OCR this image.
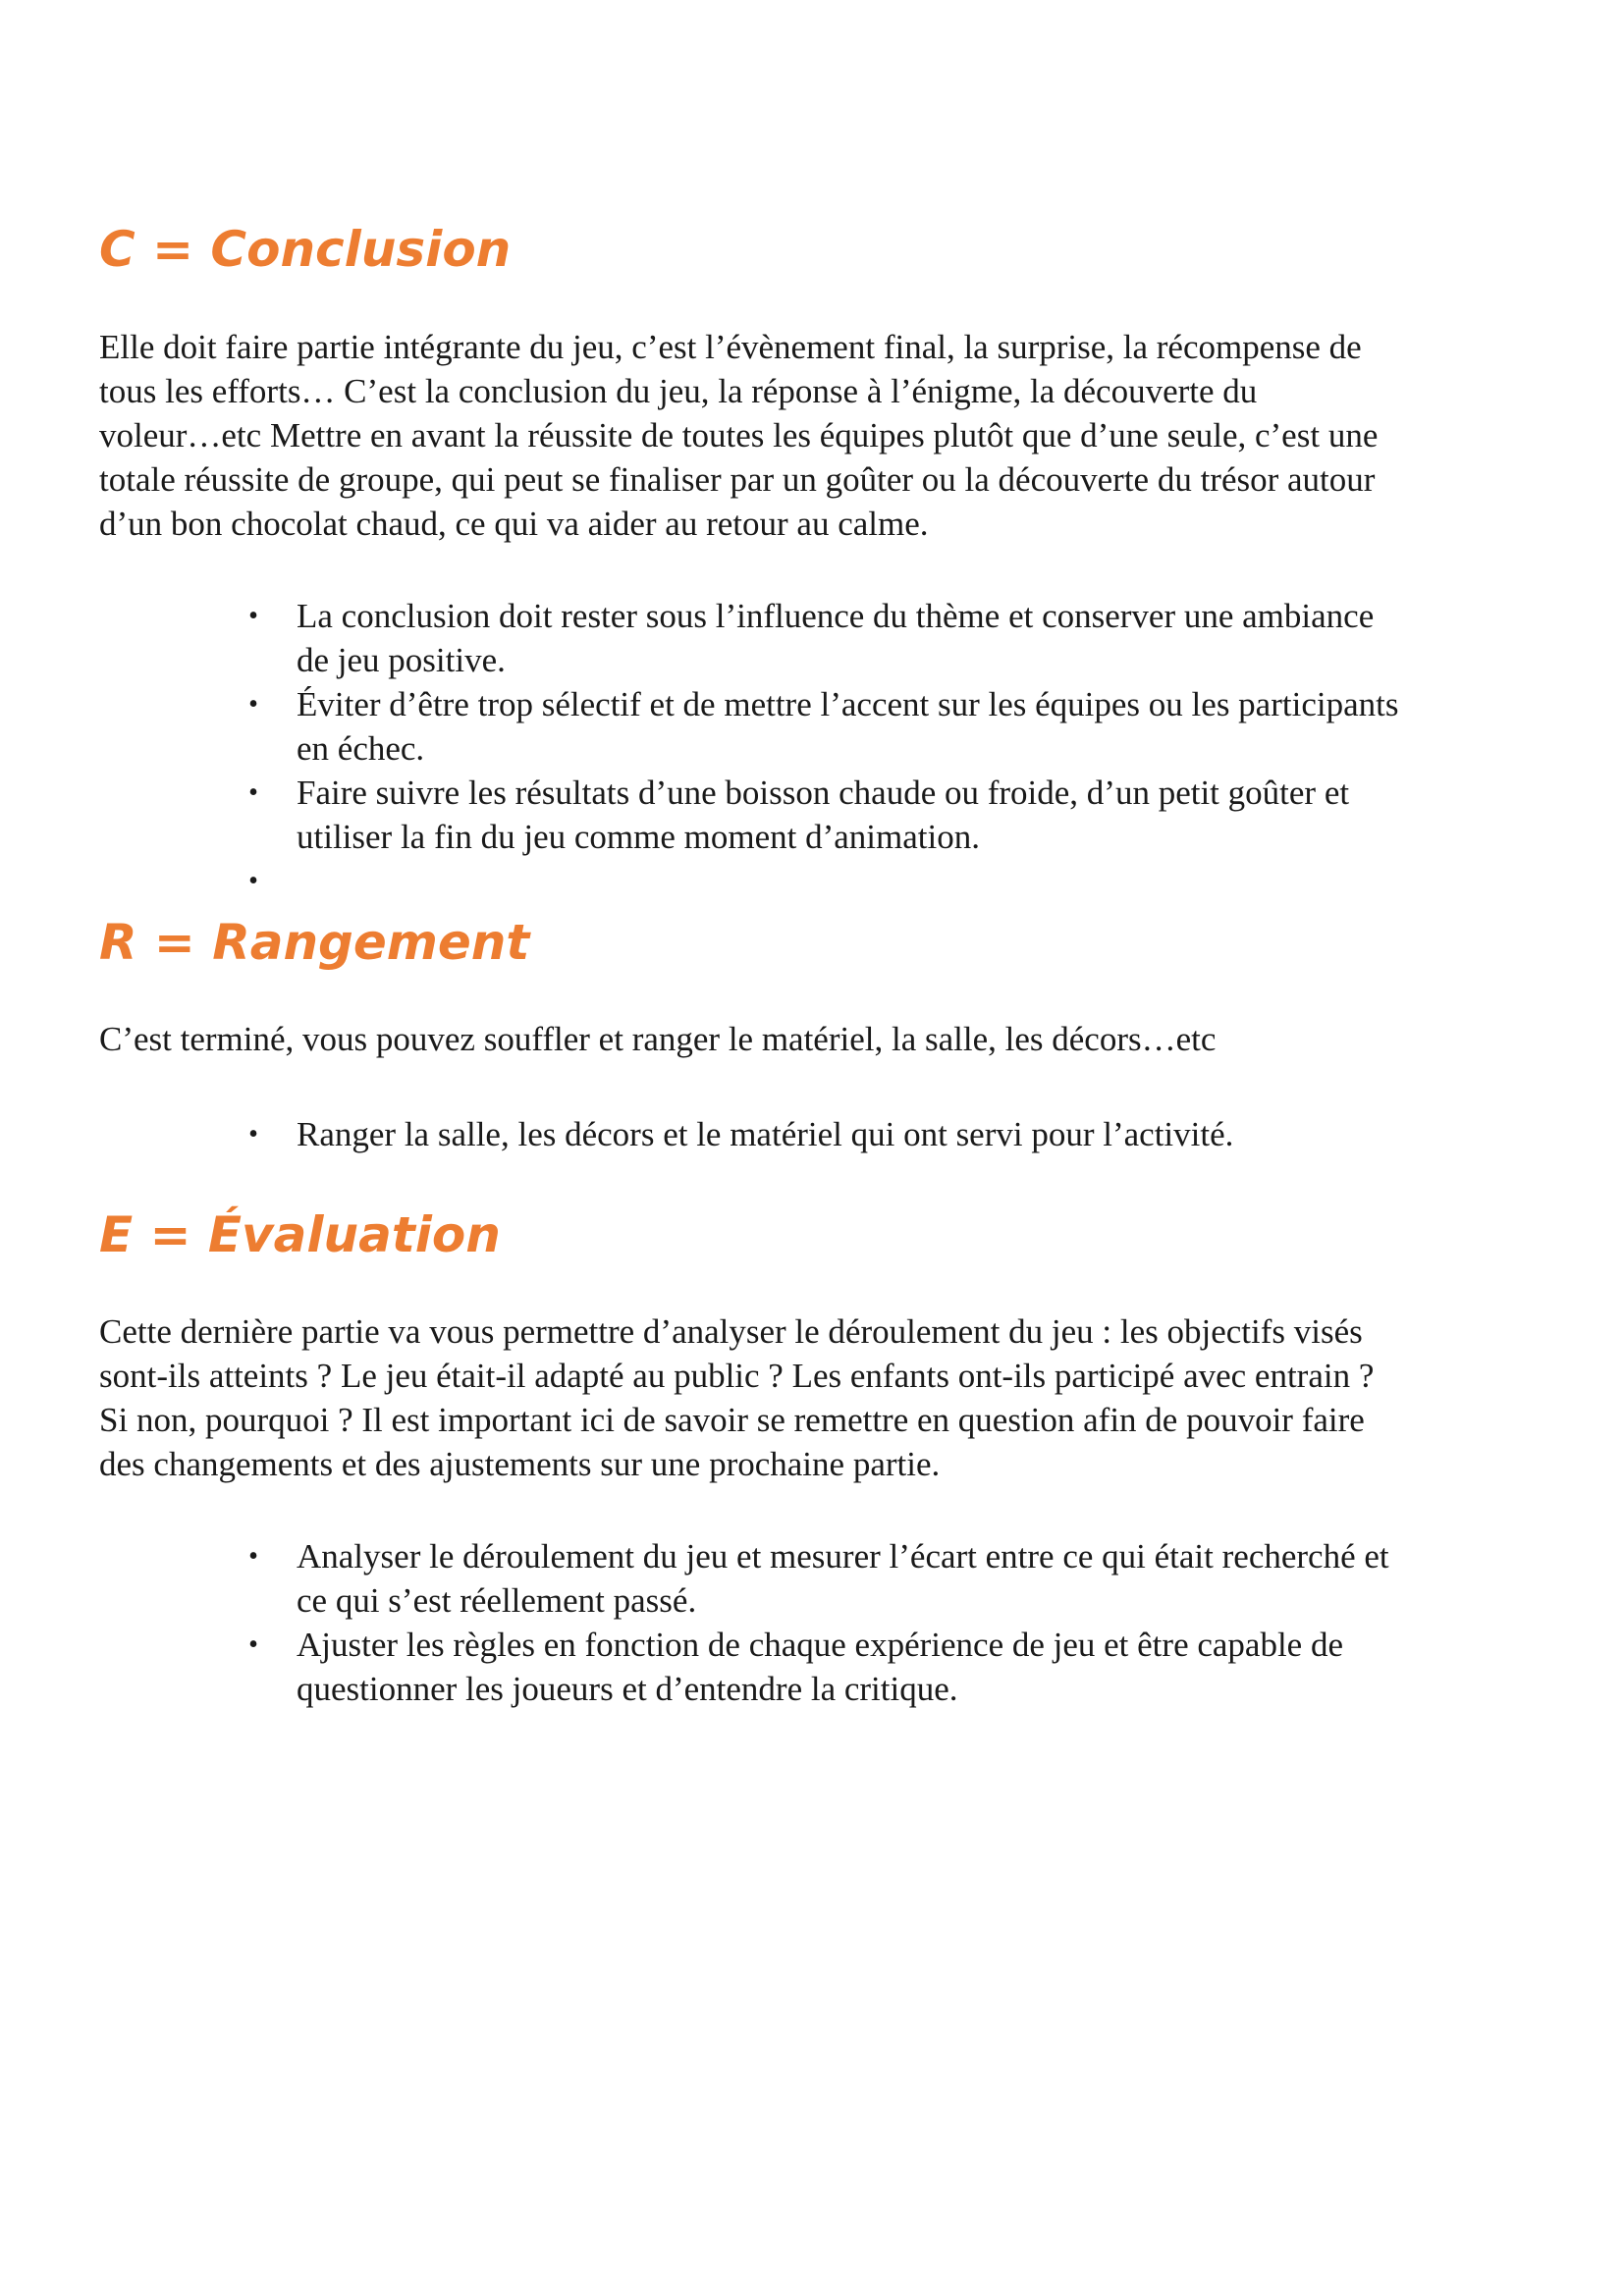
C = Conclusion

Elle doit faire partie intégrante du jeu, c’est l’évènement final, la surprise, la récompense de
tous les efforts… C’est la conclusion du jeu, la réponse à l’énigme, la découverte du
voleur…etc Mettre en avant la réussite de toutes les équipes plutôt que d’une seule, c’est une
totale réussite de groupe, qui peut se finaliser par un goûter ou la découverte du trésor autour
d’un bon chocolat chaud, ce qui va aider au retour au calme.

• La conclusion doit rester sous l’influence du thème et conserver une ambiance
de jeu positive.
• Éviter d’être trop sélectif et de mettre l’accent sur les équipes ou les participants
en échec.
• Faire suivre les résultats d’une boisson chaude ou froide, d’un petit goûter et
utiliser la fin du jeu comme moment d’animation.
•
R = Rangement

C’est terminé, vous pouvez souffler et ranger le matériel, la salle, les décors…etc

• Ranger la salle, les décors et le matériel qui ont servi pour l’activité.
E = Évaluation

Cette dernière partie va vous permettre d’analyser le déroulement du jeu : les objectifs visés
sont-ils atteints ? Le jeu était-il adapté au public ? Les enfants ont-ils participé avec entrain ?
Si non, pourquoi ? Il est important ici de savoir se remettre en question afin de pouvoir faire
des changements et des ajustements sur une prochaine partie.

• Analyser le déroulement du jeu et mesurer l’écart entre ce qui était recherché et
ce qui s’est réellement passé.
• Ajuster les règles en fonction de chaque expérience de jeu et être capable de
questionner les joueurs et d’entendre la critique.
